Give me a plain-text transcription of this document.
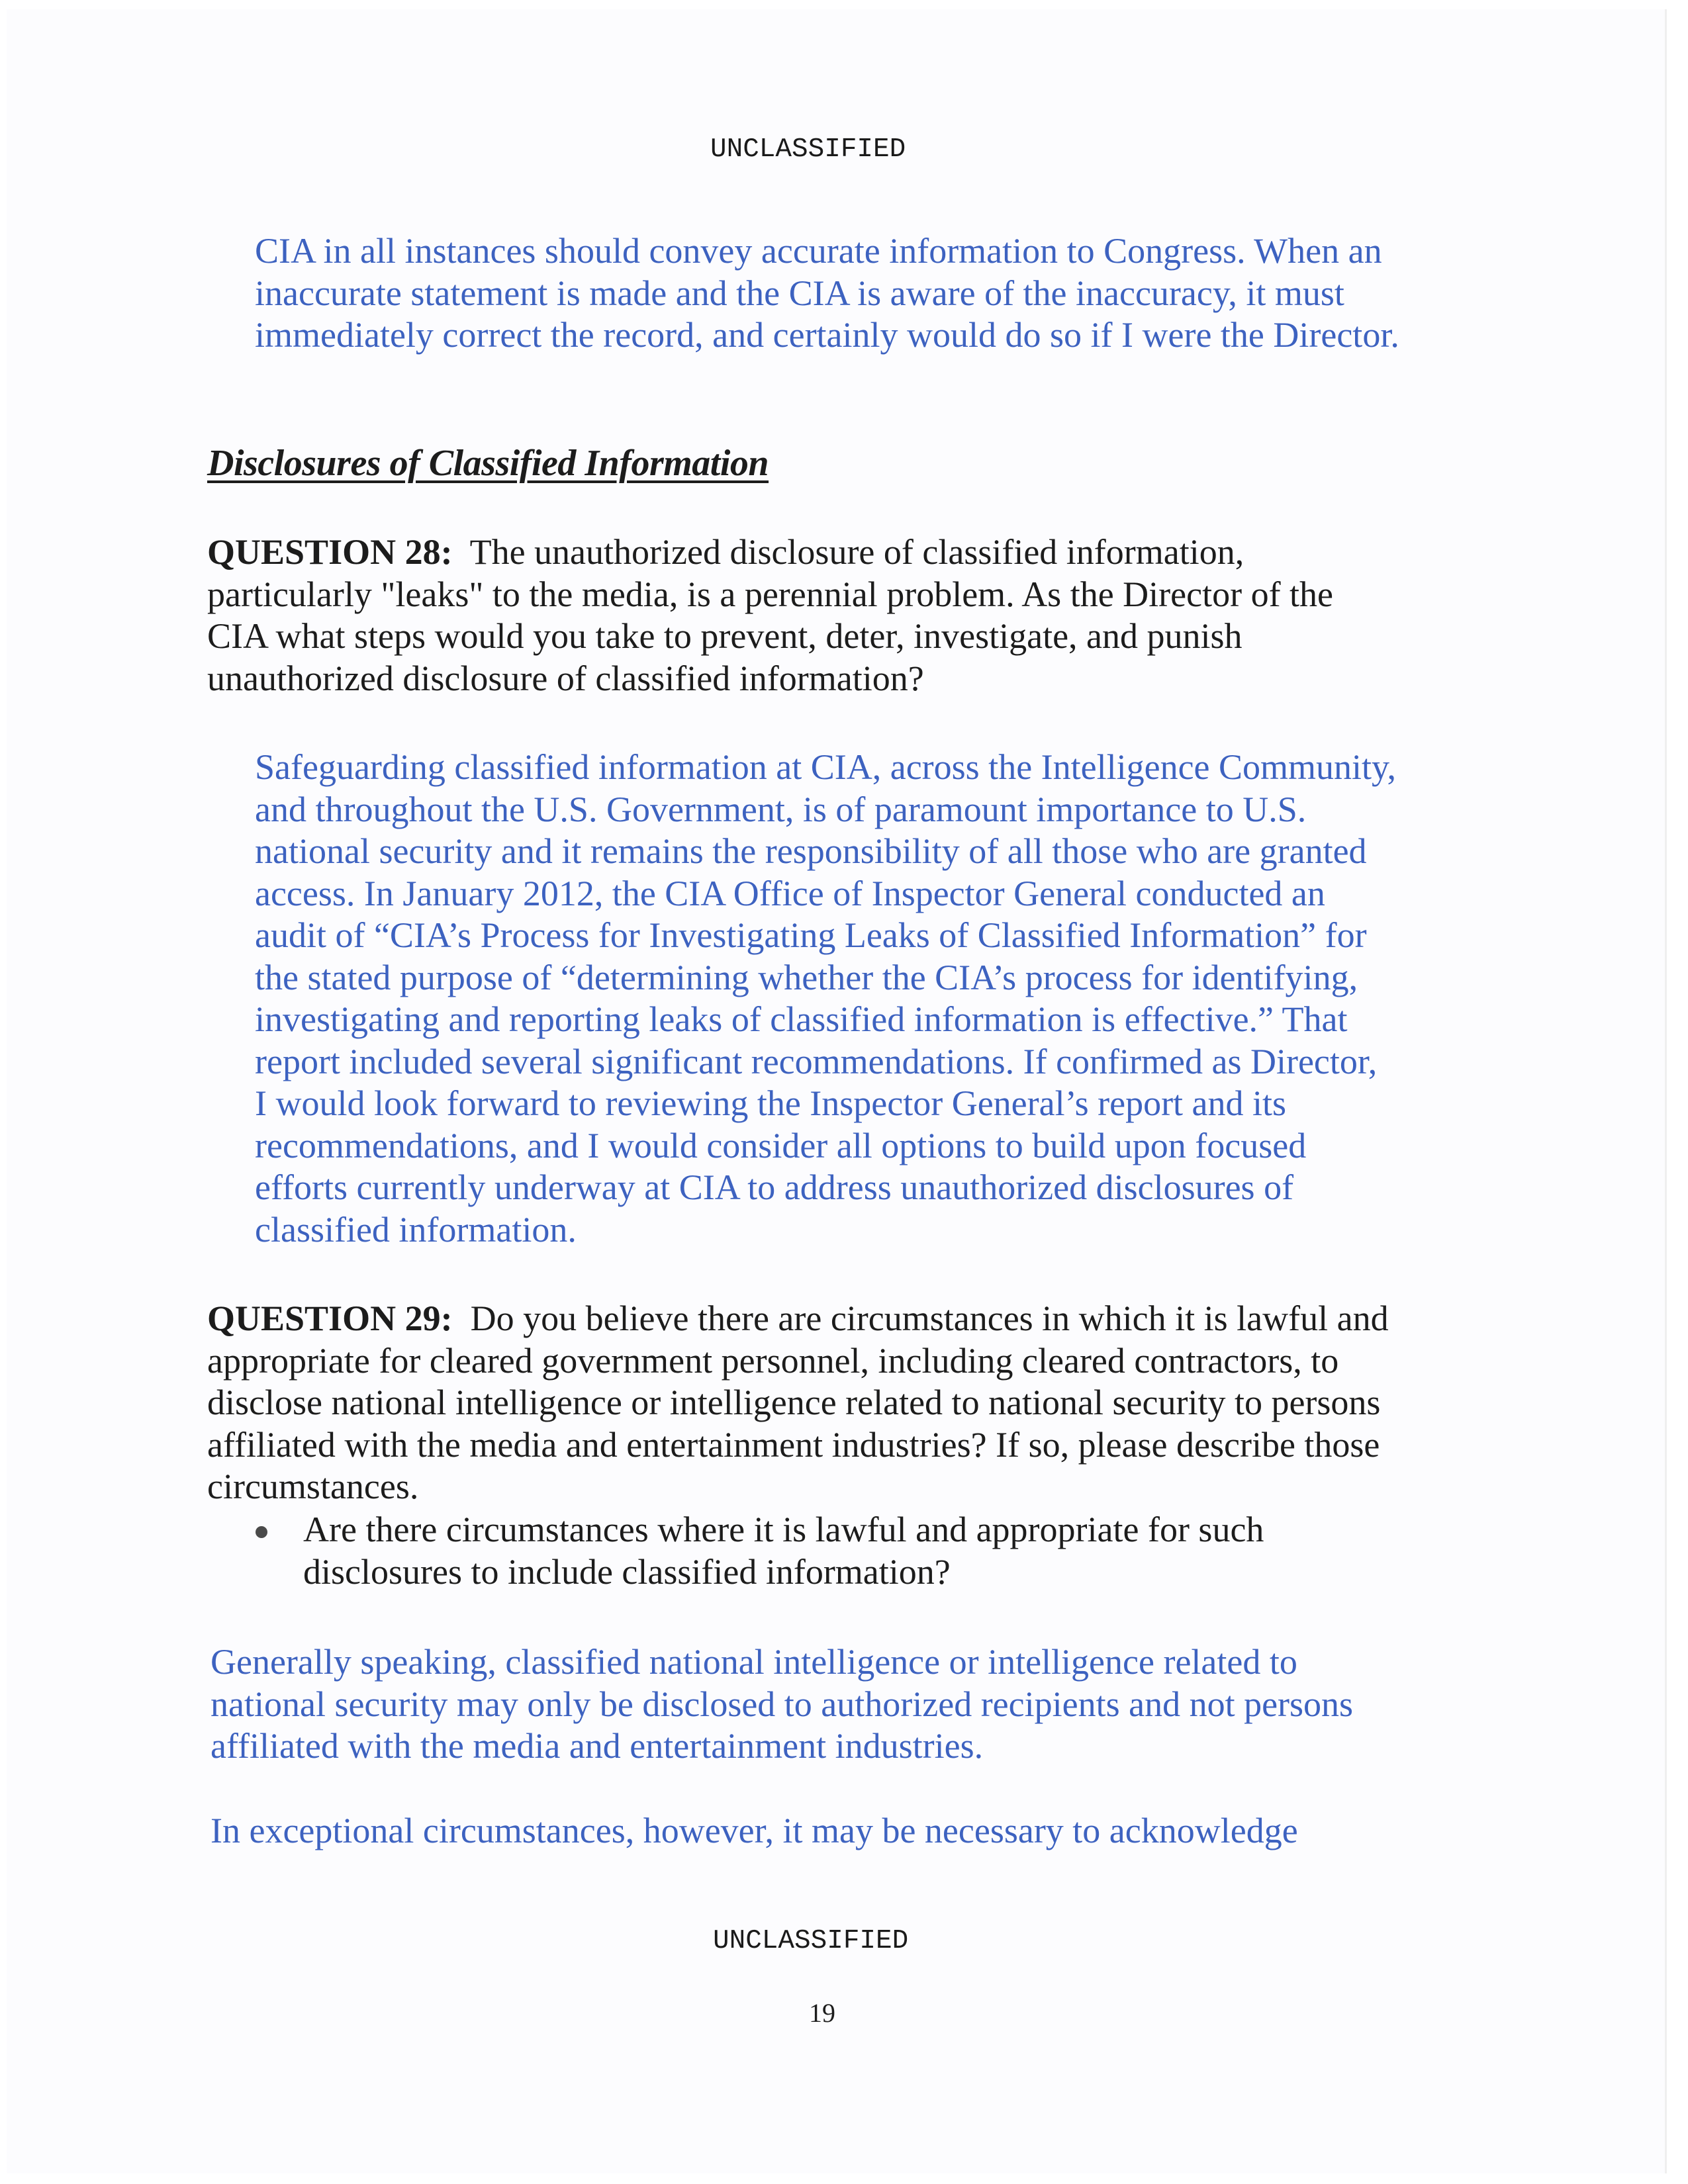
UNCLASSIFIED
CIA in all instances should convey accurate information to Congress. When an
inaccurate statement is made and the CIA is aware of the inaccuracy, it must
immediately correct the record, and certainly would do so if I were the Director.
Disclosures of Classified Information
QUESTION 28:  The unauthorized disclosure of classified information,
particularly "leaks" to the media, is a perennial problem. As the Director of the
CIA what steps would you take to prevent, deter, investigate, and punish
unauthorized disclosure of classified information?
Safeguarding classified information at CIA, across the Intelligence Community,
and throughout the U.S. Government, is of paramount importance to U.S.
national security and it remains the responsibility of all those who are granted
access. In January 2012, the CIA Office of Inspector General conducted an
audit of “CIA’s Process for Investigating Leaks of Classified Information” for
the stated purpose of “determining whether the CIA’s process for identifying,
investigating and reporting leaks of classified information is effective.” That
report included several significant recommendations. If confirmed as Director,
I would look forward to reviewing the Inspector General’s report and its
recommendations, and I would consider all options to build upon focused
efforts currently underway at CIA to address unauthorized disclosures of
classified information.
QUESTION 29:  Do you believe there are circumstances in which it is lawful and
appropriate for cleared government personnel, including cleared contractors, to
disclose national intelligence or intelligence related to national security to persons
affiliated with the media and entertainment industries? If so, please describe those
circumstances.
Are there circumstances where it is lawful and appropriate for such
disclosures to include classified information?
Generally speaking, classified national intelligence or intelligence related to
national security may only be disclosed to authorized recipients and not persons
affiliated with the media and entertainment industries.
In exceptional circumstances, however, it may be necessary to acknowledge
UNCLASSIFIED
19
